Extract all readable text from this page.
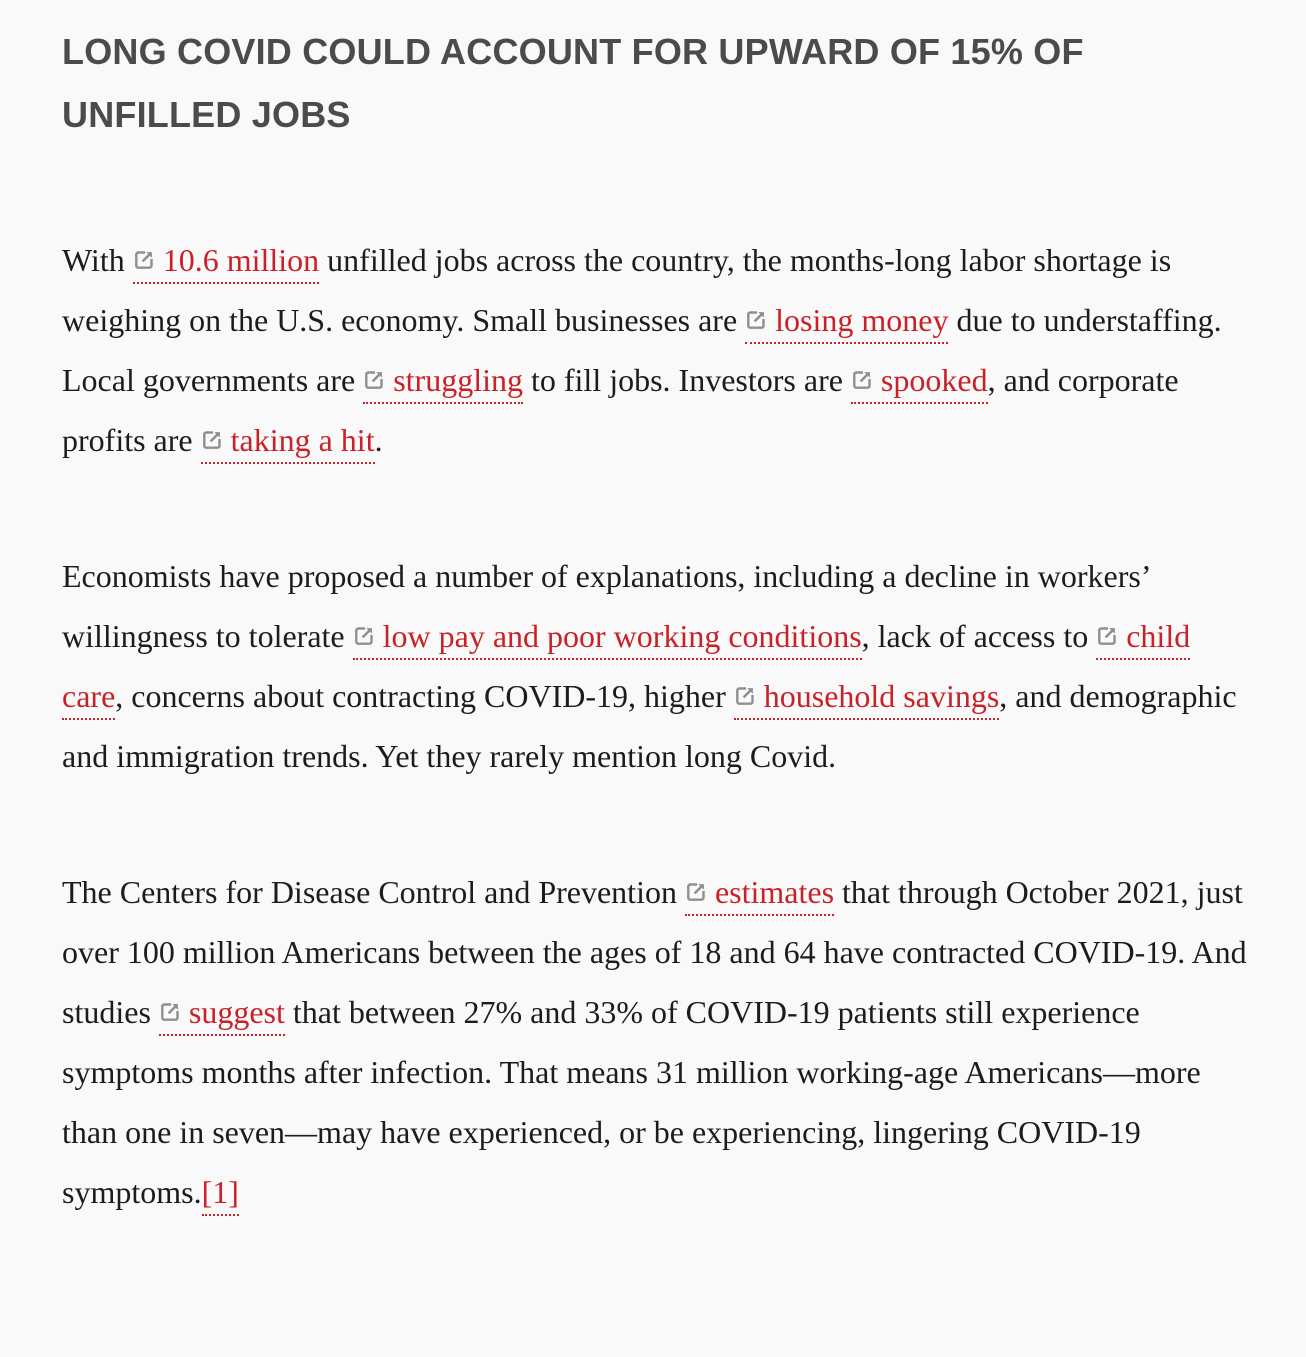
LONG COVID COULD ACCOUNT FOR UPWARD OF 15% OF UNFILLED JOBS

With 10.6 million unfilled jobs across the country, the months-long labor shortage is weighing on the U.S. economy. Small businesses are losing money due to understaffing. Local governments are struggling to fill jobs. Investors are spooked, and corporate profits are taking a hit.

Economists have proposed a number of explanations, including a decline in workers’ willingness to tolerate low pay and poor working conditions, lack of access to child care, concerns about contracting COVID-19, higher household savings, and demographic and immigration trends. Yet they rarely mention long Covid.

The Centers for Disease Control and Prevention estimates that through October 2021, just over 100 million Americans between the ages of 18 and 64 have contracted COVID-19. And studies suggest that between 27% and 33% of COVID-19 patients still experience symptoms months after infection. That means 31 million working-age Americans—more than one in seven—may have experienced, or be experiencing, lingering COVID-19 symptoms.[1]
